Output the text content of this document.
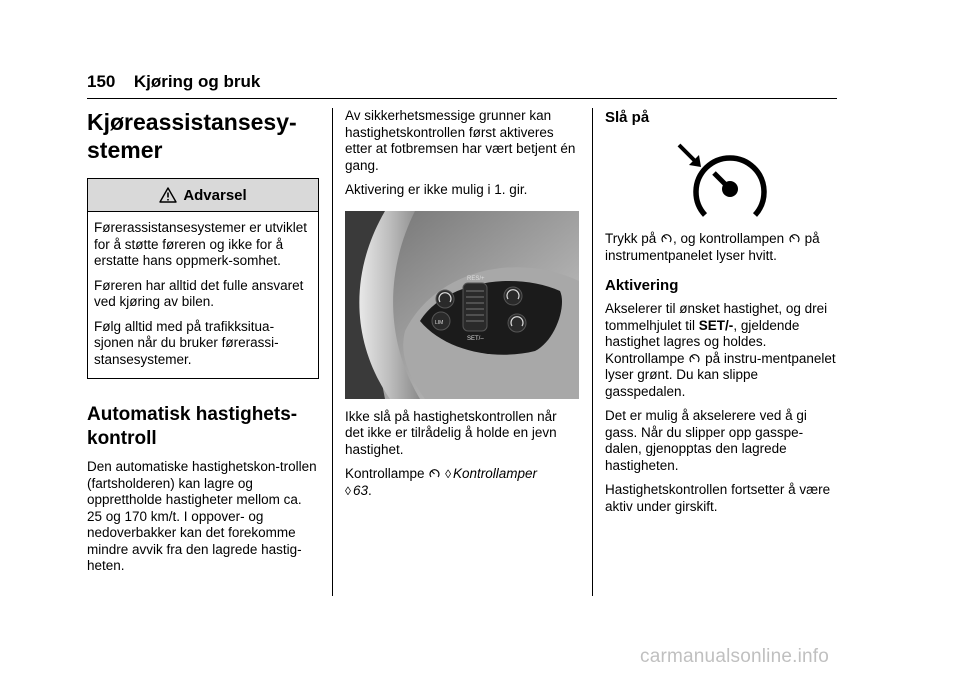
150 Kjøring og bruk
Kjøreassistansesy-
stemer
Advarsel

Førerassistansesystemer er utviklet for å støtte føreren og ikke for å erstatte hans oppmerk-somhet.

Føreren har alltid det fulle ansvaret ved kjøring av bilen.

Følg alltid med på trafikksitua-sjonen når du bruker førerassi-stansesystemer.

Automatisk hastighets-
kontroll

Den automatiske hastighetskon-trollen (fartsholderen) kan lagre og opprettholde hastigheter mellom ca. 25 og 170 km/t. I oppover- og nedoverbakker kan det forekomme mindre avvik fra den lagrede hastig-heten.

Av sikkerhetsmessige grunner kan hastighetskontrollen først aktiveres etter at fotbremsen har vært betjent én gang.

Aktivering er ikke mulig i 1. gir.

RES/+
SET/–
LIM

Ikke slå på hastighetskontrollen når det ikke er tilrådelig å holde en jevn hastighet.

Kontrollampe ◊ Kontrollamper
◊ 63.

Slå på

Trykk på , og kontrollampen på instrumentpanelet lyser hvitt.

Aktivering

Akselerer til ønsket hastighet, og drei tommelhjulet til SET/-, gjeldende hastighet lagres og holdes. Kontrollampe på instru-mentpanelet lyser grønt. Du kan slippe gasspedalen.

Det er mulig å akselerere ved å gi gass. Når du slipper opp gasspe-dalen, gjenopptas den lagrede hastigheten.

Hastighetskontrollen fortsetter å være aktiv under girskift.

carmanualsonline.info
